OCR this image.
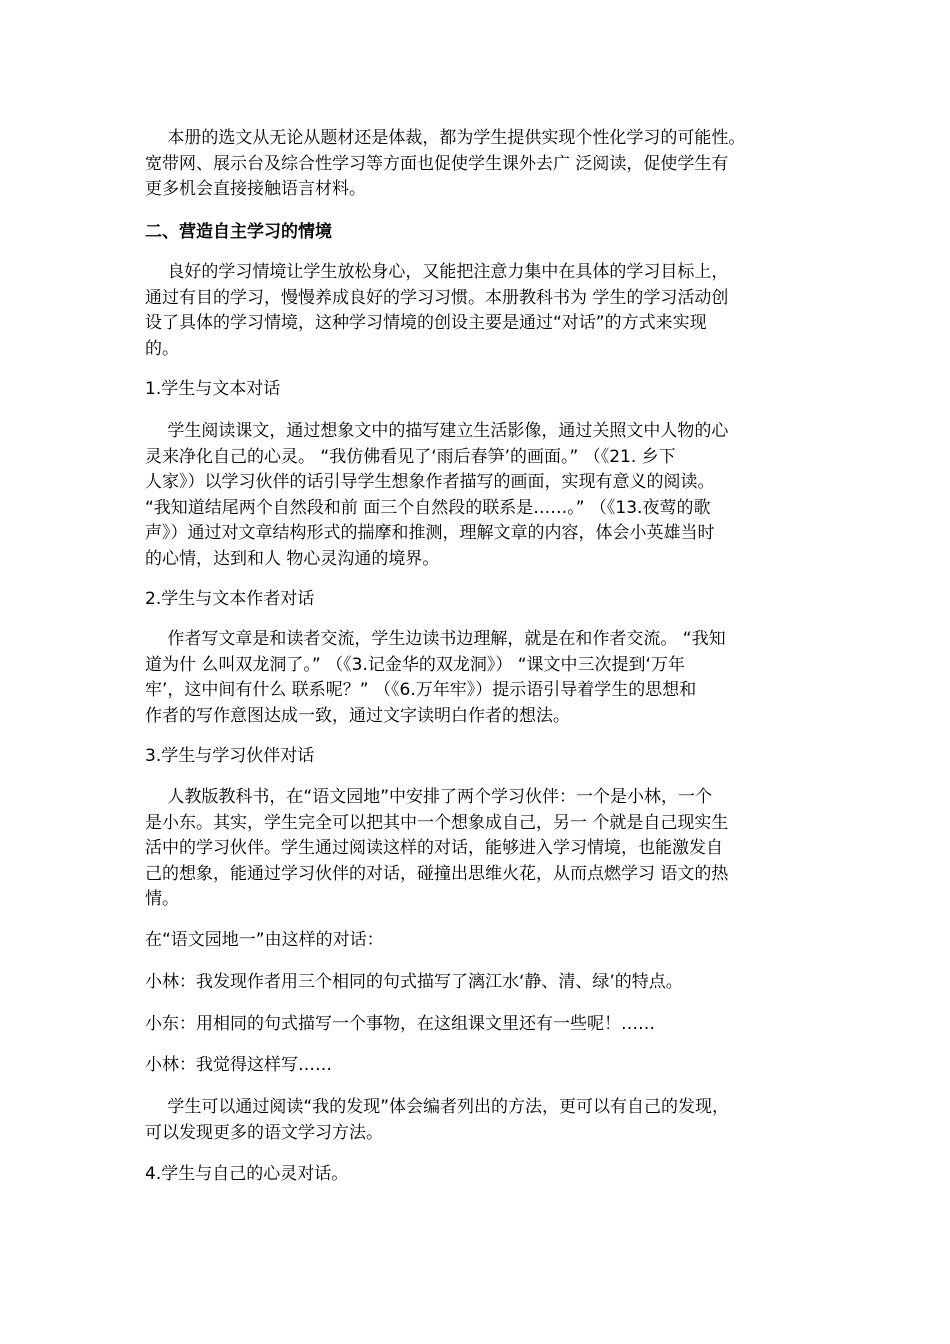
　 本册的选文从无论从题材还是体裁，都为学生提供实现个性化学习的可能性。
宽带网、展示台及综合性学习等方面也促使学生课外去广 泛阅读，促使学生有
更多机会直接接触语言材料。
二、营造自主学习的情境
　 良好的学习情境让学生放松身心，又能把注意力集中在具体的学习目标上，
通过有目的学习，慢慢养成良好的学习习惯。本册教科书为 学生的学习活动创
设了具体的学习情境，这种学习情境的创设主要是通过“对话”的方式来实现
的。
1.学生与文本对话
　 学生阅读课文，通过想象文中的描写建立生活影像，通过关照文中人物的心
灵来净化自己的心灵。 “我仿佛看见了‘雨后春笋’的画面。” （《21. 乡下
人家》）以学习伙伴的话引导学生想象作者描写的画面，实现有意义的阅读。
“我知道结尾两个自然段和前 面三个自然段的联系是……。” （《13.夜莺的歌
声》）通过对文章结构形式的揣摩和推测，理解文章的内容，体会小英雄当时
的心情，达到和人 物心灵沟通的境界。
2.学生与文本作者对话
　 作者写文章是和读者交流，学生边读书边理解，就是在和作者交流。 “我知
道为什 么叫双龙洞了。” （《3.记金华的双龙洞》） “课文中三次提到‘万年
牢’，这中间有什么 联系呢？” （《6.万年牢》）提示语引导着学生的思想和
作者的写作意图达成一致，通过文字读明白作者的想法。
3.学生与学习伙伴对话
　 人教版教科书，在“语文园地”中安排了两个学习伙伴：一个是小林，一个
是小东。其实，学生完全可以把其中一个想象成自己，另一 个就是自己现实生
活中的学习伙伴。学生通过阅读这样的对话，能够进入学习情境，也能激发自
己的想象，能通过学习伙伴的对话，碰撞出思维火花，从而点燃学习 语文的热
情。
在“语文园地一”由这样的对话：
小林：我发现作者用三个相同的句式描写了漓江水‘静、清、绿’的特点。
小东：用相同的句式描写一个事物，在这组课文里还有一些呢！……
小林：我觉得这样写……
　 学生可以通过阅读“我的发现”体会编者列出的方法，更可以有自己的发现，
可以发现更多的语文学习方法。
4.学生与自己的心灵对话。
